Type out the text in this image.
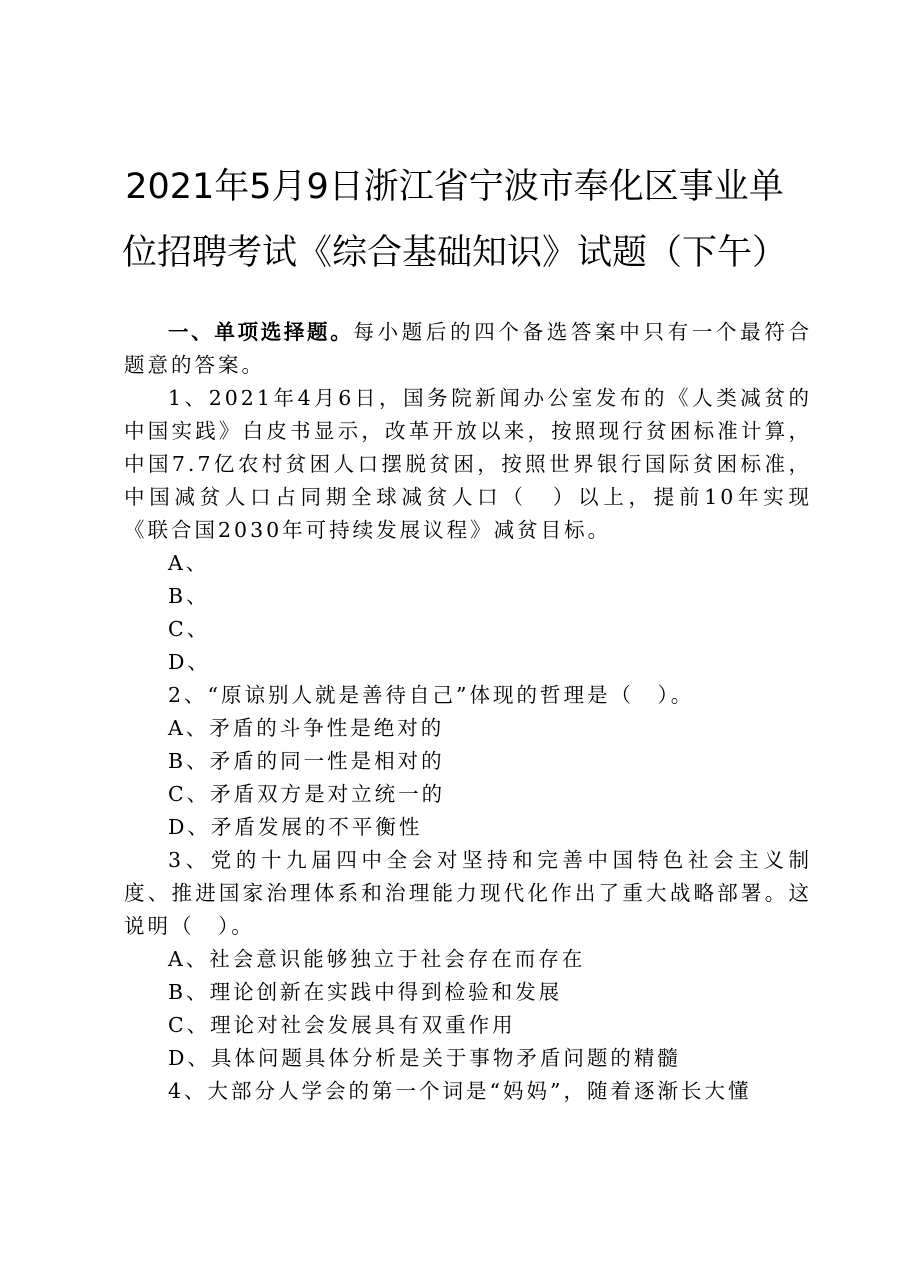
2021年5月9日浙江省宁波市奉化区事业单
位招聘考试《综合基础知识》试题（下午）

一、单项选择题。每小题后的四个备选答案中只有一个最符合题意的答案。

1、2021年4月6日，国务院新闻办公室发布的《人类减贫的中国实践》白皮书显示，改革开放以来，按照现行贫困标准计算，中国7.7亿农村贫困人口摆脱贫困，按照世界银行国际贫困标准，中国减贫人口占同期全球减贫人口（　）以上，提前10年实现《联合国2030年可持续发展议程》减贫目标。

A、

B、

C、

D、

2、“原谅别人就是善待自己”体现的哲理是（　）。

A、矛盾的斗争性是绝对的

B、矛盾的同一性是相对的

C、矛盾双方是对立统一的

D、矛盾发展的不平衡性

3、党的十九届四中全会对坚持和完善中国特色社会主义制度、推进国家治理体系和治理能力现代化作出了重大战略部署。这说明（　）。

A、社会意识能够独立于社会存在而存在

B、理论创新在实践中得到检验和发展

C、理论对社会发展具有双重作用

D、具体问题具体分析是关于事物矛盾问题的精髓

4、大部分人学会的第一个词是“妈妈”，随着逐渐长大懂
